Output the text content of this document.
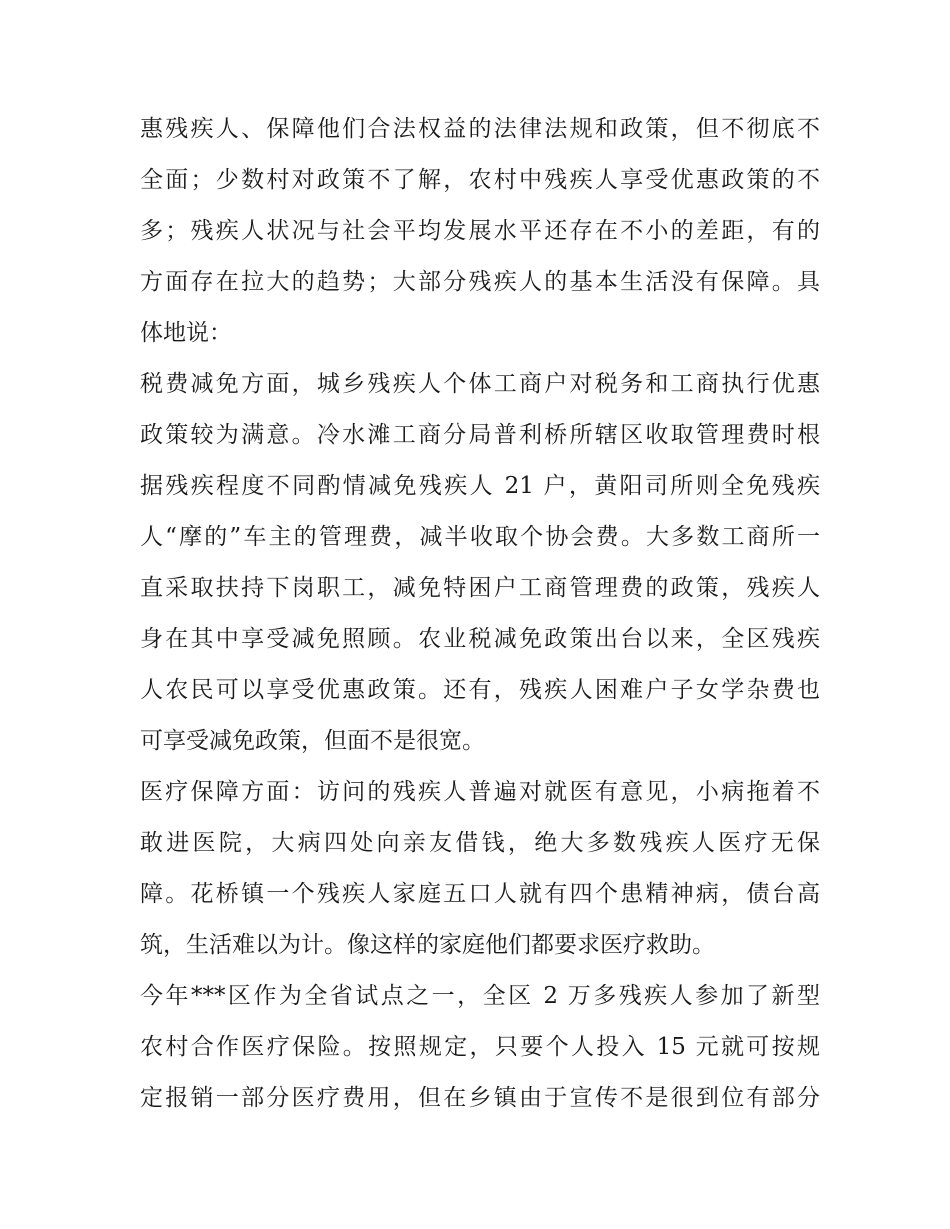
惠残疾人、保障他们合法权益的法律法规和政策，但不彻底不
全面；少数村对政策不了解，农村中残疾人享受优惠政策的不
多；残疾人状况与社会平均发展水平还存在不小的差距，有的
方面存在拉大的趋势；大部分残疾人的基本生活没有保障。具
体地说：
税费减免方面，城乡残疾人个体工商户对税务和工商执行优惠
政策较为满意。冷水滩工商分局普利桥所辖区收取管理费时根
据残疾程度不同酌情减免残疾人 21 户，黄阳司所则全免残疾
人“摩的”车主的管理费，减半收取个协会费。大多数工商所一
直采取扶持下岗职工，减免特困户工商管理费的政策，残疾人
身在其中享受减免照顾。农业税减免政策出台以来，全区残疾
人农民可以享受优惠政策。还有，残疾人困难户子女学杂费也
可享受减免政策，但面不是很宽。
医疗保障方面：访问的残疾人普遍对就医有意见，小病拖着不
敢进医院，大病四处向亲友借钱，绝大多数残疾人医疗无保
障。花桥镇一个残疾人家庭五口人就有四个患精神病，债台高
筑，生活难以为计。像这样的家庭他们都要求医疗救助。
今年***区作为全省试点之一，全区 2 万多残疾人参加了新型
农村合作医疗保险。按照规定，只要个人投入 15 元就可按规
定报销一部分医疗费用，但在乡镇由于宣传不是很到位有部分
